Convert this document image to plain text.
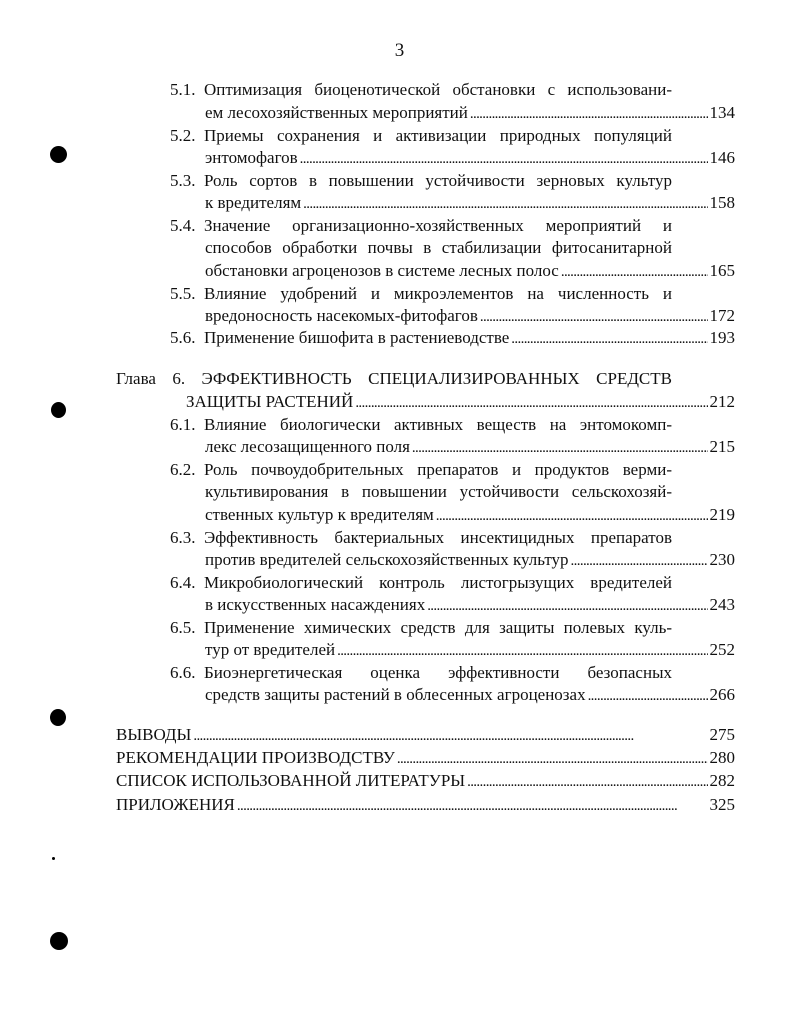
3
5.1. Оптимизация биоценотической обстановки с использовани-
ем лесохозяйственных мероприятий . . .	134
5.2. Приемы сохранения и активизации природных популяций
энтомофагов . . .	146
5.3. Роль сортов в повышении устойчивости зерновых культур
к вредителям . . .	158
5.4. Значение организационно-хозяйственных мероприятий и
способов обработки почвы в стабилизации фитосанитарной
обстановки агроценозов в системе лесных полос . . .	165
5.5. Влияние удобрений и микроэлементов на численность и
вредоносность насекомых-фитофагов . . .	172
5.6. Применение бишофита в растениеводстве . . .	193
Глава 6. ЭФФЕКТИВНОСТЬ СПЕЦИАЛИЗИРОВАННЫХ СРЕДСТВ
ЗАЩИТЫ РАСТЕНИЙ . . .	212
6.1. Влияние биологически активных веществ на энтомокомп-
лекс лесозащищенного поля . . .	215
6.2. Роль почвоудобрительных препаратов и продуктов верми-
культивирования в повышении устойчивости сельскохозяй-
ственных культур к вредителям . . .	219
6.3. Эффективность бактериальных инсектицидных препаратов
против вредителей сельскохозяйственных культур . . .	230
6.4. Микробиологический контроль листогрызущих вредителей
в искусственных насаждениях . . .	243
6.5. Применение химических средств для защиты полевых куль-
тур от вредителей . . .	252
6.6. Биоэнергетическая оценка эффективности безопасных
средств защиты растений в облесенных агроценозах . . .	266
ВЫВОДЫ . . .	275
РЕКОМЕНДАЦИИ ПРОИЗВОДСТВУ . . .	280
СПИСОК ИСПОЛЬЗОВАННОЙ ЛИТЕРАТУРЫ . . .	282
ПРИЛОЖЕНИЯ . . .	325
